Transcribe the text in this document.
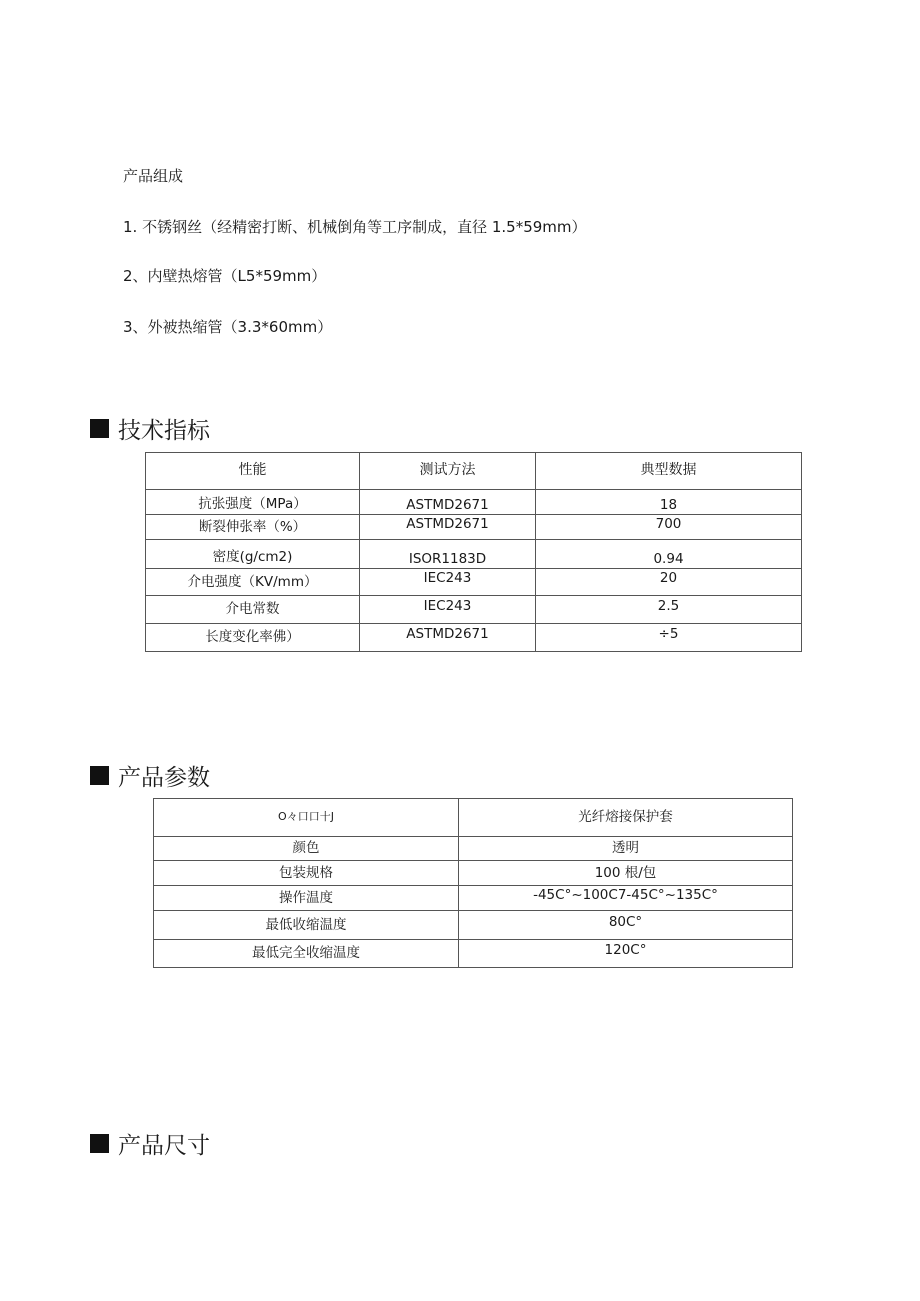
产品组成
1. 不锈钢丝（经精密打断、机械倒角等工序制成，直径 1.5*59mm）
2、内壁热熔管（L5*59mm）
3、外被热缩管（3.3*60mm）
技术指标
性能	测试方法	典型数据
抗张强度（MPa）	ASTMD2671	18
断裂伸张率（%）	ASTMD2671	700
密度(g/cm2)	ISOR1183D	0.94
介电强度（KV/mm）	IEC243	20
介电常数	IEC243	2.5
长度变化率佛）	ASTMD2671	÷5
产品参数
O々口口十J	光纤熔接保护套
颜色	透明
包装规格	100 根/包
操作温度	-45C°~100C7-45C°~135C°
最低收缩温度	80C°
最低完全收缩温度	120C°
产品尺寸
